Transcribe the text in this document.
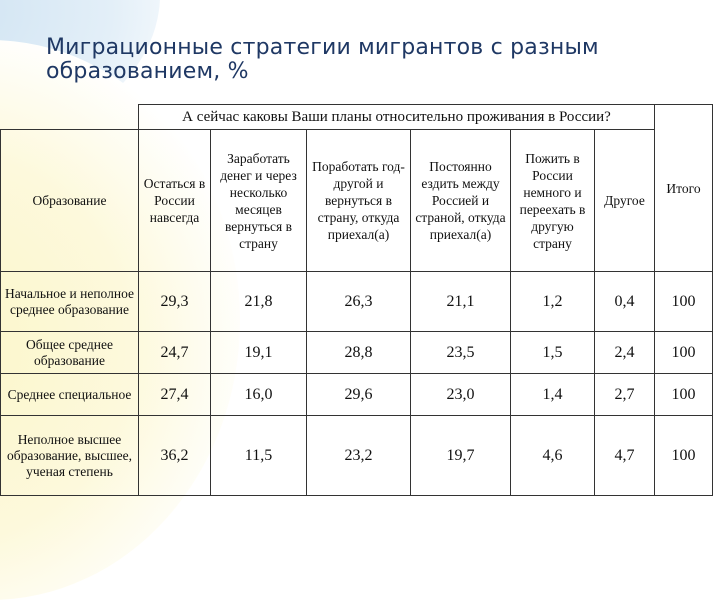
Миграционные стратегии мигрантов с разным
образованием, %
	А сейчас каковы Ваши планы относительно проживания в России?						Итого
Образование	Остаться в России навсегда	Заработать денег и через несколько месяцев вернуться в страну	Поработать год-другой и вернуться в страну, откуда приехал(а)	Постоянно ездить между Россией и страной, откуда приехал(а)	Пожить в России немного и переехать в другую страну	Другое	
Начальное и неполное среднее образование	29,3	21,8	26,3	21,1	1,2	0,4	100
Общее среднее образование	24,7	19,1	28,8	23,5	1,5	2,4	100
Среднее специальное	27,4	16,0	29,6	23,0	1,4	2,7	100
Неполное высшее образование, высшее, ученая степень	36,2	11,5	23,2	19,7	4,6	4,7	100
